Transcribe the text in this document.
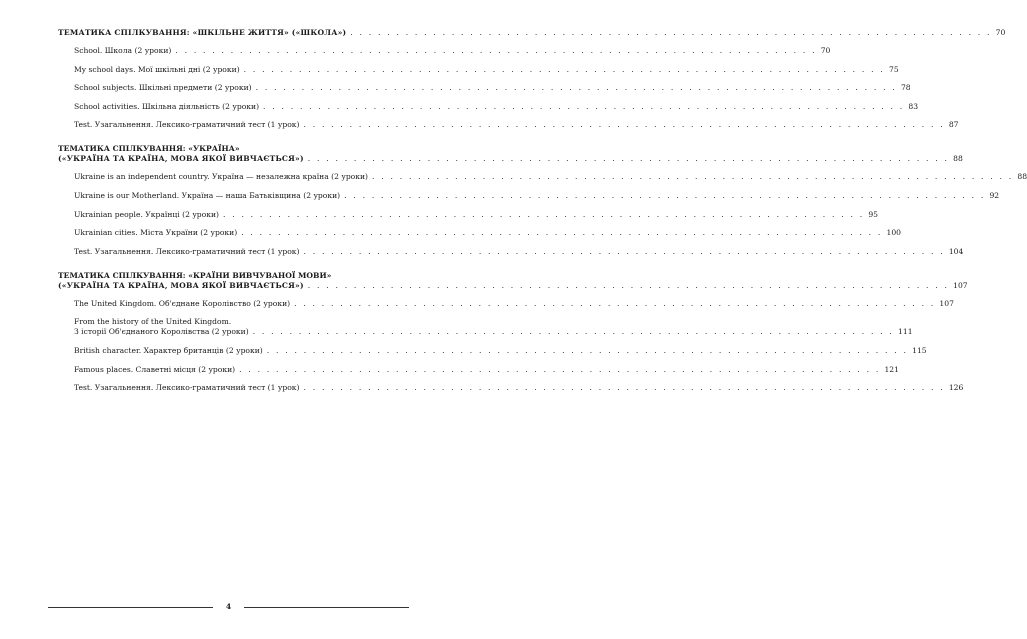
ТЕМАТИКА СПІЛКУВАННЯ: «ШКІЛЬНЕ ЖИТТЯ» («ШКОЛА») . . . . . . . . . . . . . . . . . . . . . . . . . . . . . . . . . . . . . . . . . . . . . . . . . . . . . . . . . . . . . . . . . . . . . . 70
School. Школа (2 уроки) . . . . . . . . . . . . . . . . . . . . . . . . . . . . . . . . . . . . . . . . . . . . . . . . . . . . . . . . . . . . . . . . . . . . . . 70
My school days. Мої шкільні дні (2 уроки) . . . . . . . . . . . . . . . . . . . . . . . . . . . . . . . . . . . . . . . . . . . . . . . . . . . . . . . . . . . . . . . . . . . . . . 75
School subjects. Шкільні предмети (2 уроки) . . . . . . . . . . . . . . . . . . . . . . . . . . . . . . . . . . . . . . . . . . . . . . . . . . . . . . . . . . . . . . . . . . . . . . 78
School activities. Шкільна діяльність (2 уроки) . . . . . . . . . . . . . . . . . . . . . . . . . . . . . . . . . . . . . . . . . . . . . . . . . . . . . . . . . . . . . . . . . . . . . . 83
Test. Узагальнення. Лексико-граматичний тест (1 урок) . . . . . . . . . . . . . . . . . . . . . . . . . . . . . . . . . . . . . . . . . . . . . . . . . . . . . . . . . . . . . . . . . . . . . . 87
ТЕМАТИКА СПІЛКУВАННЯ: «УКРАЇНА»
(«УКРАЇНА ТА КРАЇНА, МОВА ЯКОЇ ВИВЧАЄТЬСЯ») . . . . . . . . . . . . . . . . . . . . . . . . . . . . . . . . . . . . . . . . . . . . . . . . . . . . . . . . . . . . . . . . . . . . . . 88
Ukraine is an independent country. Україна — незалежна країна (2 уроки) . . . . . . . . . . . . . . . . . . . . . . . . . . . . . . . . . . . . . . . . . . . . . . . . . . . . . . . . . . . . . . . . . . . . . . 88
Ukraine is our Motherland. Україна — наша Батьківщина (2 уроки) . . . . . . . . . . . . . . . . . . . . . . . . . . . . . . . . . . . . . . . . . . . . . . . . . . . . . . . . . . . . . . . . . . . . . . 92
Ukrainian people. Українці (2 уроки) . . . . . . . . . . . . . . . . . . . . . . . . . . . . . . . . . . . . . . . . . . . . . . . . . . . . . . . . . . . . . . . . . . . . . . 95
Ukrainian cities. Міста України (2 уроки) . . . . . . . . . . . . . . . . . . . . . . . . . . . . . . . . . . . . . . . . . . . . . . . . . . . . . . . . . . . . . . . . . . . . . . 100
Test. Узагальнення. Лексико-граматичний тест (1 урок) . . . . . . . . . . . . . . . . . . . . . . . . . . . . . . . . . . . . . . . . . . . . . . . . . . . . . . . . . . . . . . . . . . . . . . 104
ТЕМАТИКА СПІЛКУВАННЯ: «КРАЇНИ ВИВЧУВАНОЇ МОВИ»
(«УКРАЇНА ТА КРАЇНА, МОВА ЯКОЇ ВИВЧАЄТЬСЯ») . . . . . . . . . . . . . . . . . . . . . . . . . . . . . . . . . . . . . . . . . . . . . . . . . . . . . . . . . . . . . . . . . . . . . . 107
The United Kingdom. Об'єднане Королівство (2 уроки) . . . . . . . . . . . . . . . . . . . . . . . . . . . . . . . . . . . . . . . . . . . . . . . . . . . . . . . . . . . . . . . . . . . . . . 107
From the history of the United Kingdom.
З історії Об'єднаного Королівства (2 уроки) . . . . . . . . . . . . . . . . . . . . . . . . . . . . . . . . . . . . . . . . . . . . . . . . . . . . . . . . . . . . . . . . . . . . . . 111
British character. Характер британців (2 уроки) . . . . . . . . . . . . . . . . . . . . . . . . . . . . . . . . . . . . . . . . . . . . . . . . . . . . . . . . . . . . . . . . . . . . . . 115
Famous places. Славетні місця (2 уроки) . . . . . . . . . . . . . . . . . . . . . . . . . . . . . . . . . . . . . . . . . . . . . . . . . . . . . . . . . . . . . . . . . . . . . . 121
Test. Узагальнення. Лексико-граматичний тест (1 урок) . . . . . . . . . . . . . . . . . . . . . . . . . . . . . . . . . . . . . . . . . . . . . . . . . . . . . . . . . . . . . . . . . . . . . . 126
4
